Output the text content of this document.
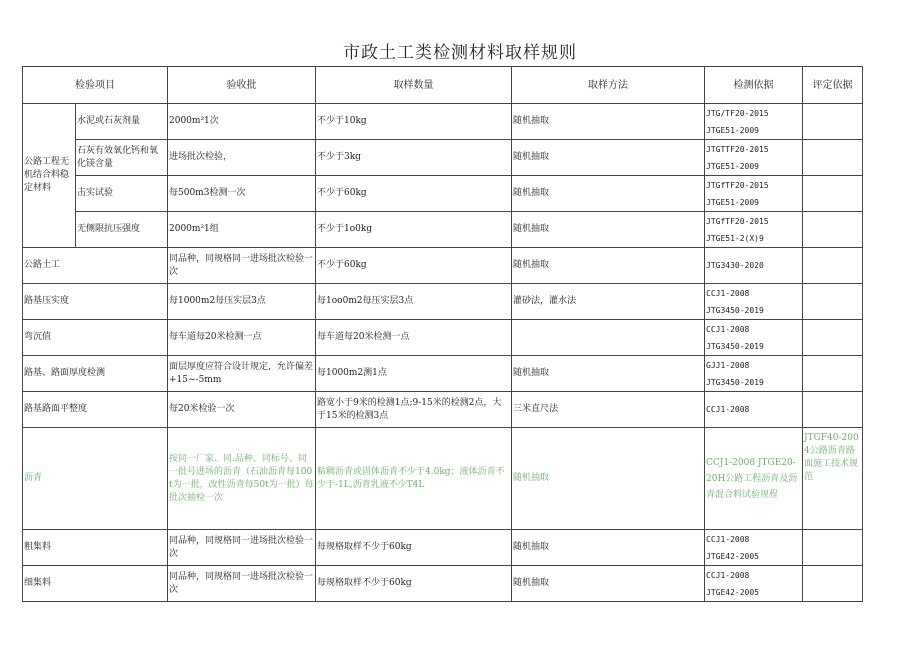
市政土工类检测材料取样规则
检验项目		验收批	取样数量	取样方法	检测依据	评定依据
公路工程无机结合料稳定材料	水泥或石灰剂量	2000m²1次	不少于10kg	随机抽取	JTG/TF20-2015
JTGE51-2009	

	石灰有效氧化钙和氧化镁含量	进场批次检验，	不少于3kg	随机抽取	JTGTTF20-2015
JTGE51-2009	

	击实试验	每500m3检测一次	不少于60kg	随机抽取	JTGfTF20-2015
JTGE51-2009	

	无侧限抗压强度	2000m²1组	不少于1o0kg	随机抽取	JTGfTF20-2015
JTGE51-2(X)9	

公路土工		同品种，同规格同一进场批次检验一次	不少于60kg	随机抽取	JTG3430-2020	

路基压实度		每1000m2每压实层3点	每1oo0m2每压实层3点	灌砂法，灌水法	CCJ1-2008
JTG3450-2019	

弯沉值		每车道每20米检测一点	每车道每20米检测一点		CCJ1-2008
JTG3450-2019	

路基、路面厚度检测		面层厚度应符合设计规定，允许偏差+15~-5mm	每1000m2测1点	随机抽取	GJJ1-2008
JTG3450-2019	

路基路面平整度		每20米检验一次	路宽小于9米的检测1点;9-15米的检测2点，大于15米的检测3点	三米直尺法	CCJ1-2008	

沥青		按同一厂家、同.品种、同标号、同一批号进场的沥青（石油沥青每100t为一批，改性沥青每50t为一批）每批次抽检一次	粘稠沥青或固体沥青不少于4.0kg；液体沥青不少于-1L,沥青乳液不少T4L	随机抽取	CCJ1-2008 JTGE20-20H公路工程沥青及沥青混合料试验规程	JTGF40-2004公路沥青路面施工技术规范
粗集料		同品种，同规格同一进场批次检验一次	每规格取样不少于60kg	随机抽取	CCJ1-2008
JTGE42-2005	

细集料		同品种，同规格同一进场批次检验一次	每规格取样不少于60kg	随机抽取	CCJ1-2008
JTGE42-2005	
